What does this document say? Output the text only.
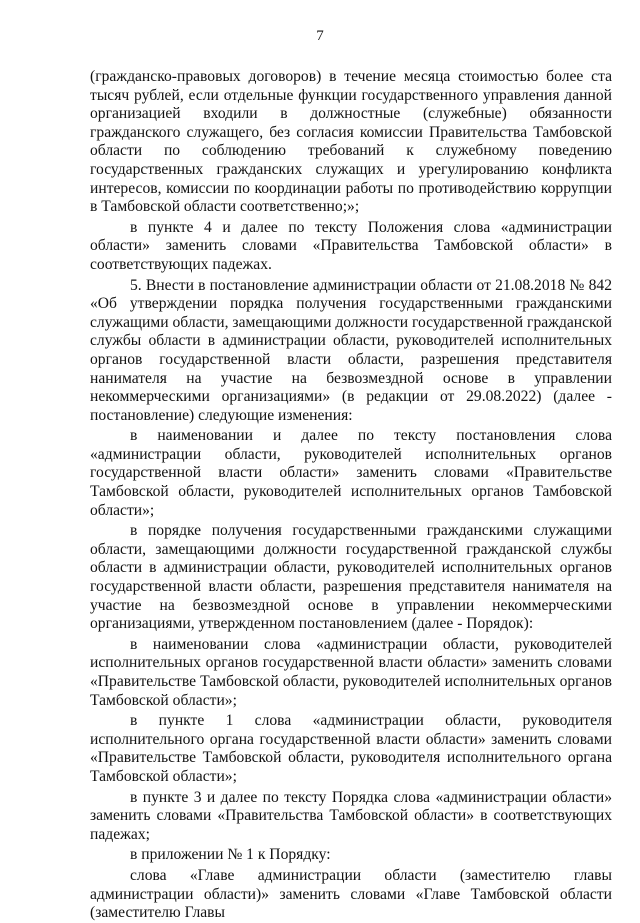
7

(гражданско-правовых договоров) в течение месяца стоимостью более ста тысяч рублей, если отдельные функции государственного управления данной организацией входили в должностные (служебные) обязанности гражданского служащего, без согласия комиссии Правительства Тамбовской области по соблюдению требований к служебному поведению государственных гражданских служащих и урегулированию конфликта интересов, комиссии по координации работы по противодействию коррупции в Тамбовской области соответственно;»;

в пункте 4 и далее по тексту Положения слова «администрации области» заменить словами «Правительства Тамбовской области» в соответствующих падежах.

5. Внести в постановление администрации области от 21.08.2018 № 842 «Об утверждении порядка получения государственными гражданскими служащими области, замещающими должности государственной гражданской службы области в администрации области, руководителей исполнительных органов государственной власти области, разрешения представителя нанимателя на участие на безвозмездной основе в управлении некоммерческими организациями» (в редакции от 29.08.2022) (далее - постановление) следующие изменения:

в наименовании и далее по тексту постановления слова «администрации области, руководителей исполнительных органов государственной власти области» заменить словами «Правительстве Тамбовской области, руководителей исполнительных органов Тамбовской области»;

в порядке получения государственными гражданскими служащими области, замещающими должности государственной гражданской службы области в администрации области, руководителей исполнительных органов государственной власти области, разрешения представителя нанимателя на участие на безвозмездной основе в управлении некоммерческими организациями, утвержденном постановлением (далее - Порядок):

в наименовании слова «администрации области, руководителей исполнительных органов государственной власти области» заменить словами «Правительстве Тамбовской области, руководителей исполнительных органов Тамбовской области»;

в пункте 1 слова «администрации области, руководителя исполнительного органа государственной власти области» заменить словами «Правительстве Тамбовской области, руководителя исполнительного органа Тамбовской области»;

в пункте 3 и далее по тексту Порядка слова «администрации области» заменить словами «Правительства Тамбовской области» в соответствующих падежах;

в приложении № 1 к Порядку:

слова «Главе администрации области (заместителю главы администрации области)» заменить словами «Главе Тамбовской области (заместителю Главы
